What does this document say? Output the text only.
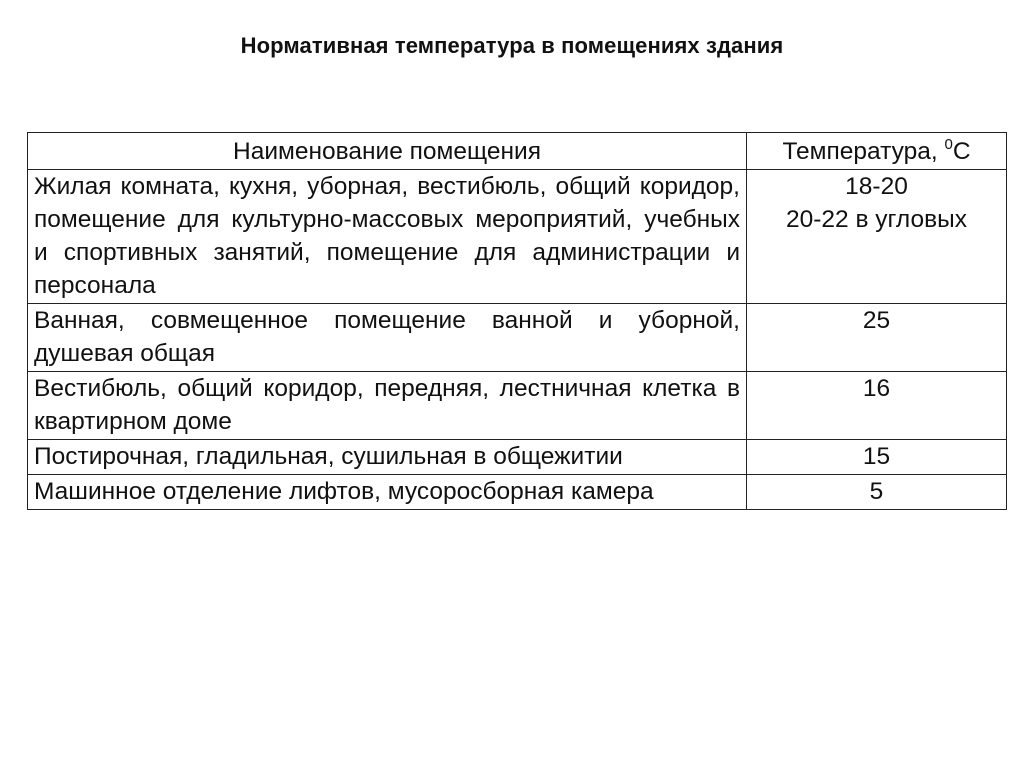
Нормативная температура в помещениях здания
Наименование помещения	Температура, $^0$С
Жилая комната, кухня, уборная, вестибюль, общий коридор, помещение для культурно-массовых мероприятий, учебных и спортивных занятий, помещение для администрации и персонала	18-20
20-22 в угловых

Ванная, совмещенное помещение ванной и уборной, душевая общая	25

Вестибюль, общий коридор, передняя, лестничная клетка в квартирном доме	16

Постирочная, гладильная, сушильная в общежитии	15

Машинное отделение лифтов, мусоросборная камера	5
